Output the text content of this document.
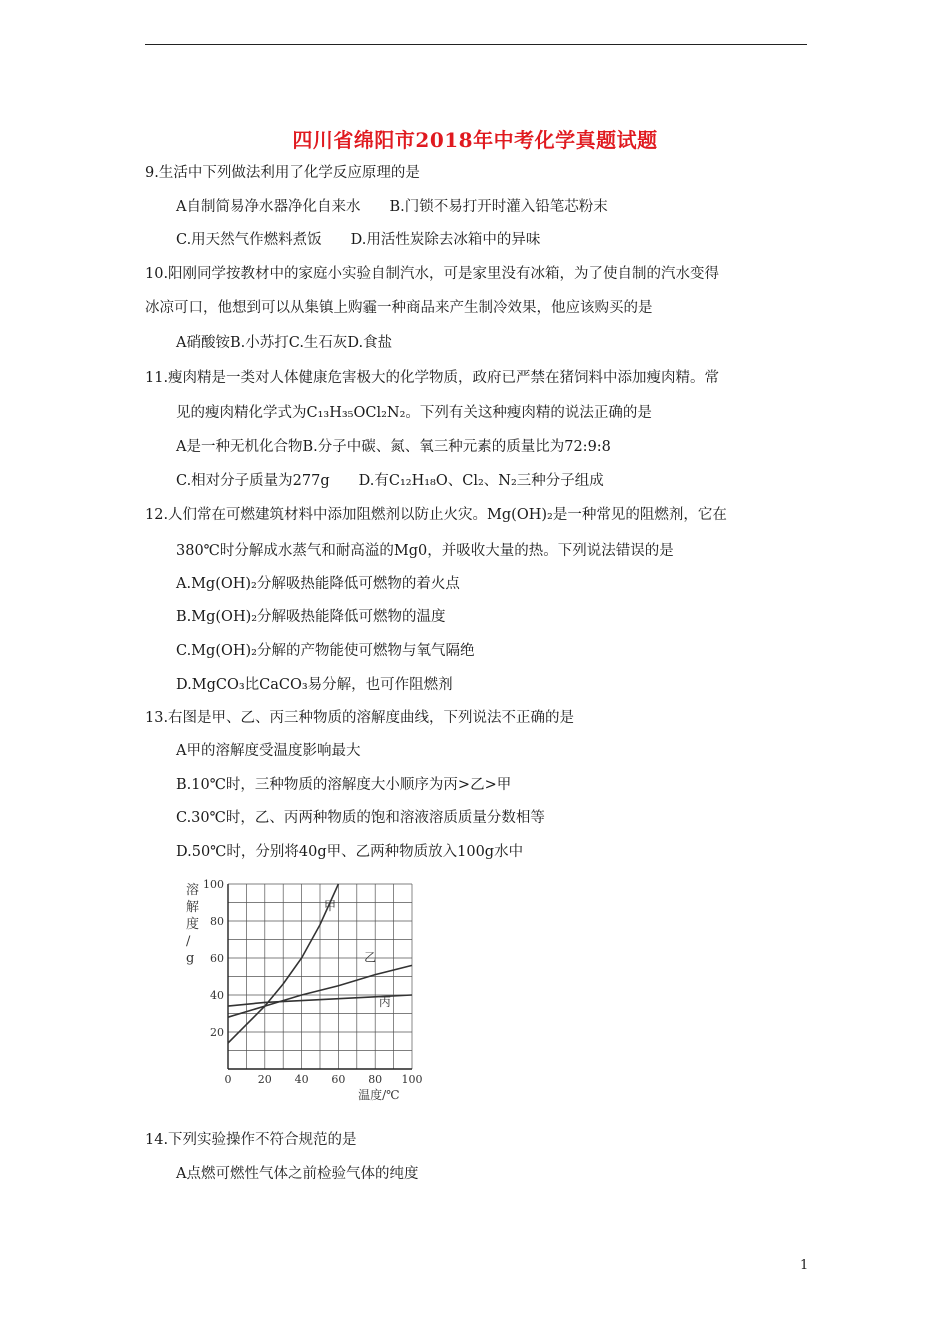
四川省绵阳市2018年中考化学真题试题
9.生活中下列做法利用了化学反应原理的是
A自制简易净水器净化自来水　　B.门锁不易打开时灌入铅笔芯粉末
C.用天然气作燃料煮饭　　D.用活性炭除去冰箱中的异味
10.阳刚同学按教材中的家庭小实验自制汽水，可是家里没有冰箱，为了使自制的汽水变得
冰凉可口，他想到可以从集镇上购霾一种商品来产生制冷效果，他应该购买的是
A硝酸铵B.小苏打C.生石灰D.食盐
11.瘦肉精是一类对人体健康危害极大的化学物质，政府已严禁在猪饲料中添加瘦肉精。常
见的瘦肉精化学式为C₁₃H₃₅OCl₂N₂。下列有关这种瘦肉精的说法正确的是
A是一种无机化合物B.分子中碳、氮、氧三种元素的质量比为72:9:8
C.相对分子质量为277g　　D.有C₁₂H₁₈O、Cl₂、N₂三种分子组成
12.人们常在可燃建筑材料中添加阻燃剂以防止火灾。Mg(OH)₂是一种常见的阻燃剂，它在
380℃时分解成水蒸气和耐高溢的Mg0，并吸收大量的热。下列说法错误的是
A.Mg(OH)₂分解吸热能降低可燃物的着火点
B.Mg(OH)₂分解吸热能降低可燃物的温度
C.Mg(OH)₂分解的产物能使可燃物与氧气隔绝
D.MgCO₃比CaCO₃易分解，也可作阻燃剂
13.右图是甲、乙、丙三种物质的溶解度曲线，下列说法不正确的是
A甲的溶解度受温度影响最大
B.10℃时，三种物质的溶解度大小顺序为丙>乙>甲
C.30℃时，乙、丙两种物质的饱和溶液溶质质量分数相等
D.50℃时，分别将40g甲、乙两种物质放入100g水中
0 20 40 60 80 100
20
40
60
80
100
甲
乙
丙
溶解度/ g
温度/℃
14.下列实验操作不符合规范的是
A点燃可燃性气体之前检验气体的纯度
1
